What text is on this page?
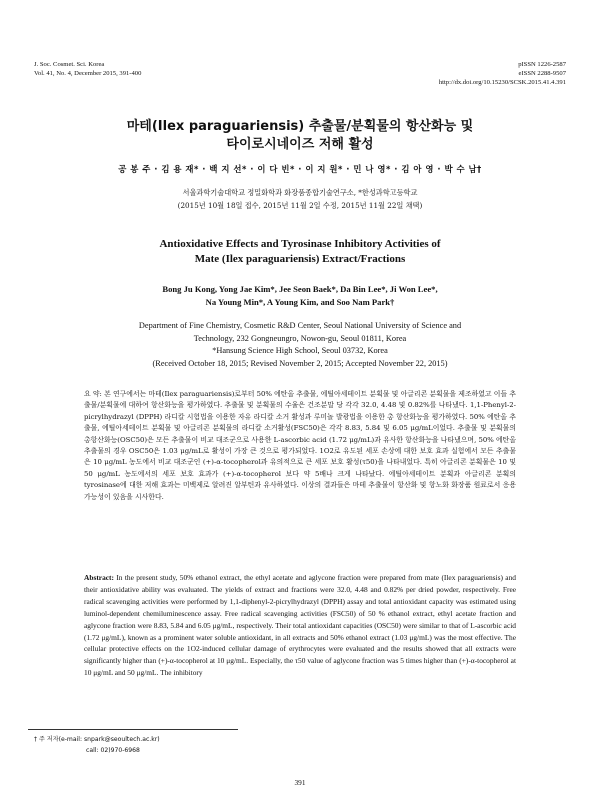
J. Soc. Cosmet. Sci. Korea
Vol. 41, No. 4, December 2015, 391-400
pISSN 1226-2587
eISSN 2288-9507
http://dx.doi.org/10.15230/SCSK.2015.41.4.391
마테(Ilex paraguariensis) 추출물/분획물의 항산화능 및
타이로시네이즈 저해 활성
공 봉 주 · 김 용 재* · 백 지 선* · 이 다 빈* · 이 지 원* · 민 나 영* · 김 아 영 · 박 수 남†
서울과학기술대학교 정밀화학과 화장품종합기술연구소, *한성과학고등학교
(2015년 10월 18일 접수, 2015년 11월 2일 수정, 2015년 11월 22일 채택)
Antioxidative Effects and Tyrosinase Inhibitory Activities of
Mate (Ilex paraguariensis) Extract/Fractions
Bong Ju Kong, Yong Jae Kim*, Jee Seon Baek*, Da Bin Lee*, Ji Won Lee*,
Na Young Min*, A Young Kim, and Soo Nam Park†
Department of Fine Chemistry, Cosmetic R&D Center, Seoul National University of Science and
Technology, 232 Gongneungro, Nowon-gu, Seoul 01811, Korea
*Hansung Science High School, Seoul 03732, Korea
(Received October 18, 2015; Revised November 2, 2015; Accepted November 22, 2015)

요 약: 본 연구에서는 마테(Ilex paraguariensis)로부터 50% 에탄올 추출물, 에틸아세테이트 분획물 및 아글리콘 분획물을 제조하였고 이들 추출물/분획물에 대하여 항산화능을 평가하였다. 추출물 및 분획물의 수율은 건조분말 당 각각 32.0, 4.48 및 0.82%를 나타냈다. 1,1-Phenyl-2-picrylhydrazyl (DPPH) 라디칼 시험법을 이용한 자유 라디칼 소거 활성과 루미놀 발광법을 이용한 총 항산화능을 평가하였다. 50% 에탄올 추출물, 에틸아세테이트 분획물 및 아글리콘 분획물의 라디칼 소거활성(FSC50)은 각각 8.83, 5.84 및 6.05 μg/mL이었다. 추출물 및 분획물의 총항산화능(OSC50)은 모든 추출물이 비교 대조군으로 사용한 L-ascorbic acid (1.72 μg/mL)과 유사한 항산화능을 나타냈으며, 50% 에탄올 추출물의 경우 OSC50은 1.03 μg/mL로 활성이 가장 큰 것으로 평가되었다. 1O2로 유도된 세포 손상에 대한 보호 효과 실험에서 모든 추출물은 10 μg/mL 농도에서 비교 대조군인 (+)-α-tocopherol과 유의적으로 큰 세포 보호 활성(τ50)을 나타내었다. 특히 아글리콘 분획물은 10 및 50 μg/mL 농도에서의 세포 보호 효과가 (+)-α-tocopherol 보다 약 5배나 크게 나타났다. 에틸아세테이트 분획과 아글리콘 분획의 tyrosinase에 대한 저해 효과는 미백제로 알려진 알부틴과 유사하였다. 이상의 결과들은 마테 추출물이 항산화 및 항노화 화장품 원료로서 응용 가능성이 있음을 시사한다.

Abstract: In the present study, 50% ethanol extract, the ethyl acetate and aglycone fraction were prepared from mate (Ilex paraguariensis) and their antioxidative ability was evaluated. The yields of extract and fractions were 32.0, 4.48 and 0.82% per dried powder, respectively. Free radical scavenging activities were performed by 1,1-diphenyl-2-picrylhydrazyl (DPPH) assay and total antioxidant capacity was estimated using luminol-dependent chemiluminescence assay. Free radical scavenging activities (FSC50) of 50 % ethanol extract, ethyl acetate fraction and aglycone fraction were 8.83, 5.84 and 6.05 μg/mL, respectively. Their total antioxidant capacities (OSC50) were similar to that of L-ascorbic acid (1.72 μg/mL), known as a prominent water soluble antioxidant, in all extracts and 50% ethanol extract (1.03 μg/mL) was the most effective. The cellular protective effects on the 1O2-induced cellular damage of erythrocytes were evaluated and the results showed that all extracts were significantly higher than (+)-α-tocopherol at 10 μg/mL. Especially, the τ50 value of aglycone fraction was 5 times higher than (+)-α-tocopherol at 10 μg/mL and 50 μg/mL. The inhibitory

† 주 저자(e-mail: snpark@seoultech.ac.kr)
call: 02)970-6968
391
